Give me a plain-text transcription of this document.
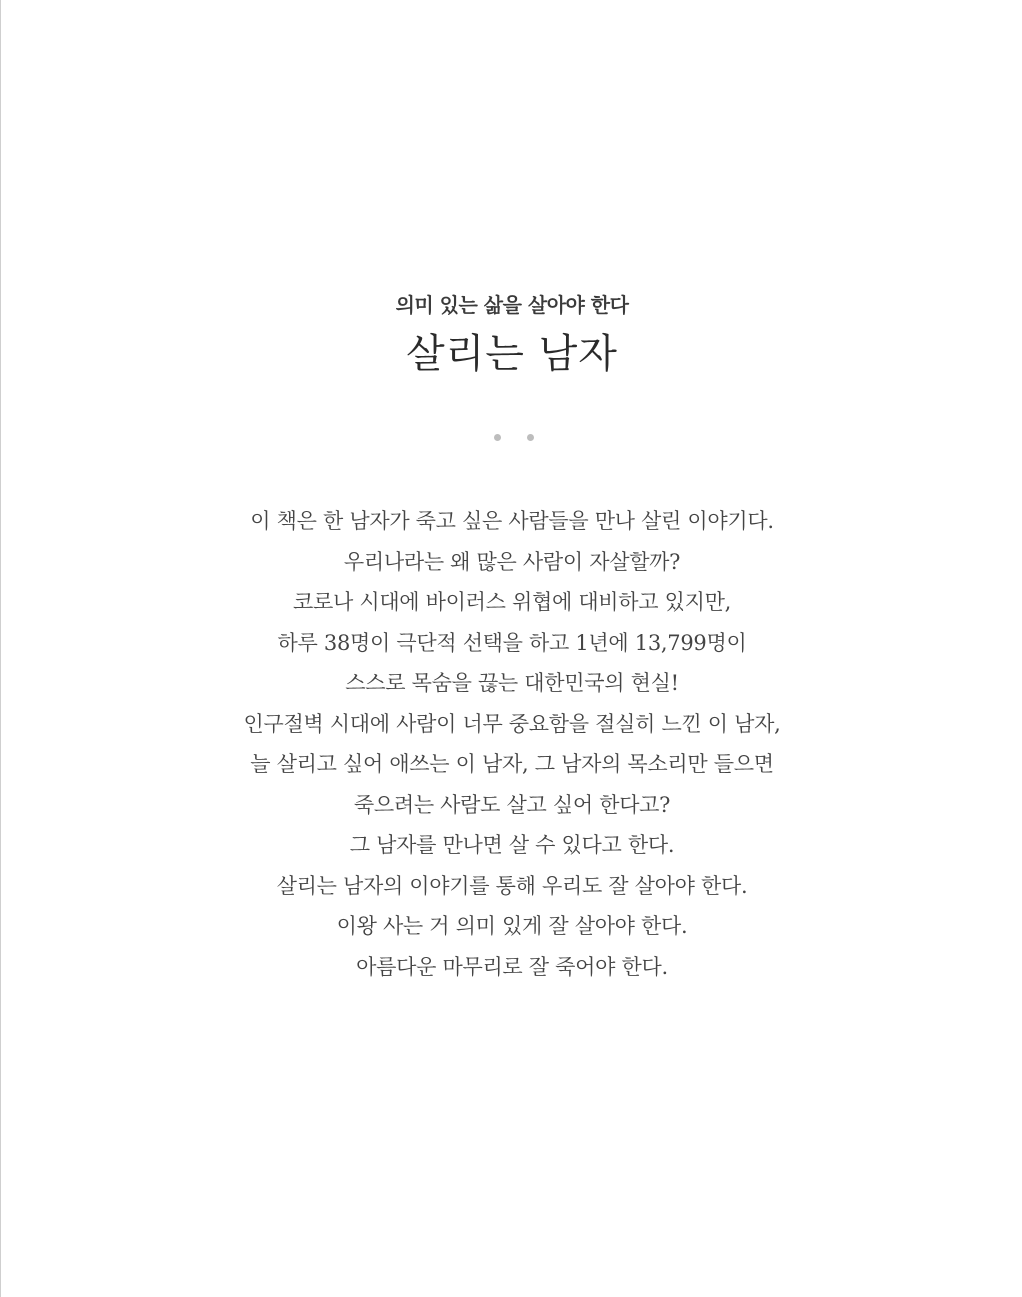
의미 있는 삶을 살아야 한다
살리는 남자
이 책은 한 남자가 죽고 싶은 사람들을 만나 살린 이야기다.
우리나라는 왜 많은 사람이 자살할까?
코로나 시대에 바이러스 위협에 대비하고 있지만,
하루 38명이 극단적 선택을 하고 1년에 13,799명이
스스로 목숨을 끊는 대한민국의 현실!
인구절벽 시대에 사람이 너무 중요함을 절실히 느낀 이 남자,
늘 살리고 싶어 애쓰는 이 남자, 그 남자의 목소리만 들으면
죽으려는 사람도 살고 싶어 한다고?
그 남자를 만나면 살 수 있다고 한다.
살리는 남자의 이야기를 통해 우리도 잘 살아야 한다.
이왕 사는 거 의미 있게 잘 살아야 한다.
아름다운 마무리로 잘 죽어야 한다.
